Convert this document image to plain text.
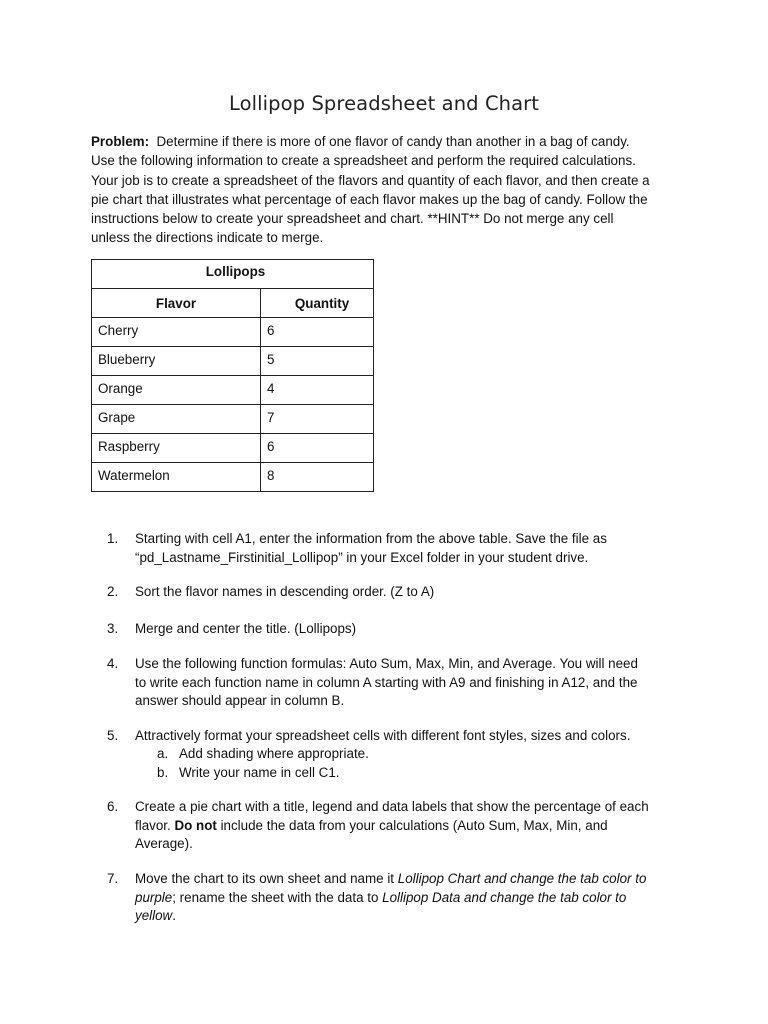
Lollipop Spreadsheet and Chart
Problem: Determine if there is more of one flavor of candy than another in a bag of candy.
Use the following information to create a spreadsheet and perform the required calculations.
Your job is to create a spreadsheet of the flavors and quantity of each flavor, and then create a
pie chart that illustrates what percentage of each flavor makes up the bag of candy. Follow the
instructions below to create your spreadsheet and chart. **HINT** Do not merge any cell
unless the directions indicate to merge.
Lollipops	
Flavor	Quantity
Cherry	6
Blueberry	5
Orange	4
Grape	7
Raspberry	6
Watermelon	8
1. Starting with cell A1, enter the information from the above table. Save the file as
“pd_Lastname_Firstinitial_Lollipop” in your Excel folder in your student drive.
2. Sort the flavor names in descending order. (Z to A)
3. Merge and center the title. (Lollipops)
4. Use the following function formulas: Auto Sum, Max, Min, and Average. You will need
to write each function name in column A starting with A9 and finishing in A12, and the
answer should appear in column B.
5. Attractively format your spreadsheet cells with different font styles, sizes and colors.
a. Add shading where appropriate.
b. Write your name in cell C1.
6. Create a pie chart with a title, legend and data labels that show the percentage of each
flavor. Do not include the data from your calculations (Auto Sum, Max, Min, and
Average).
7. Move the chart to its own sheet and name it Lollipop Chart and change the tab color to
purple; rename the sheet with the data to Lollipop Data and change the tab color to
yellow.
